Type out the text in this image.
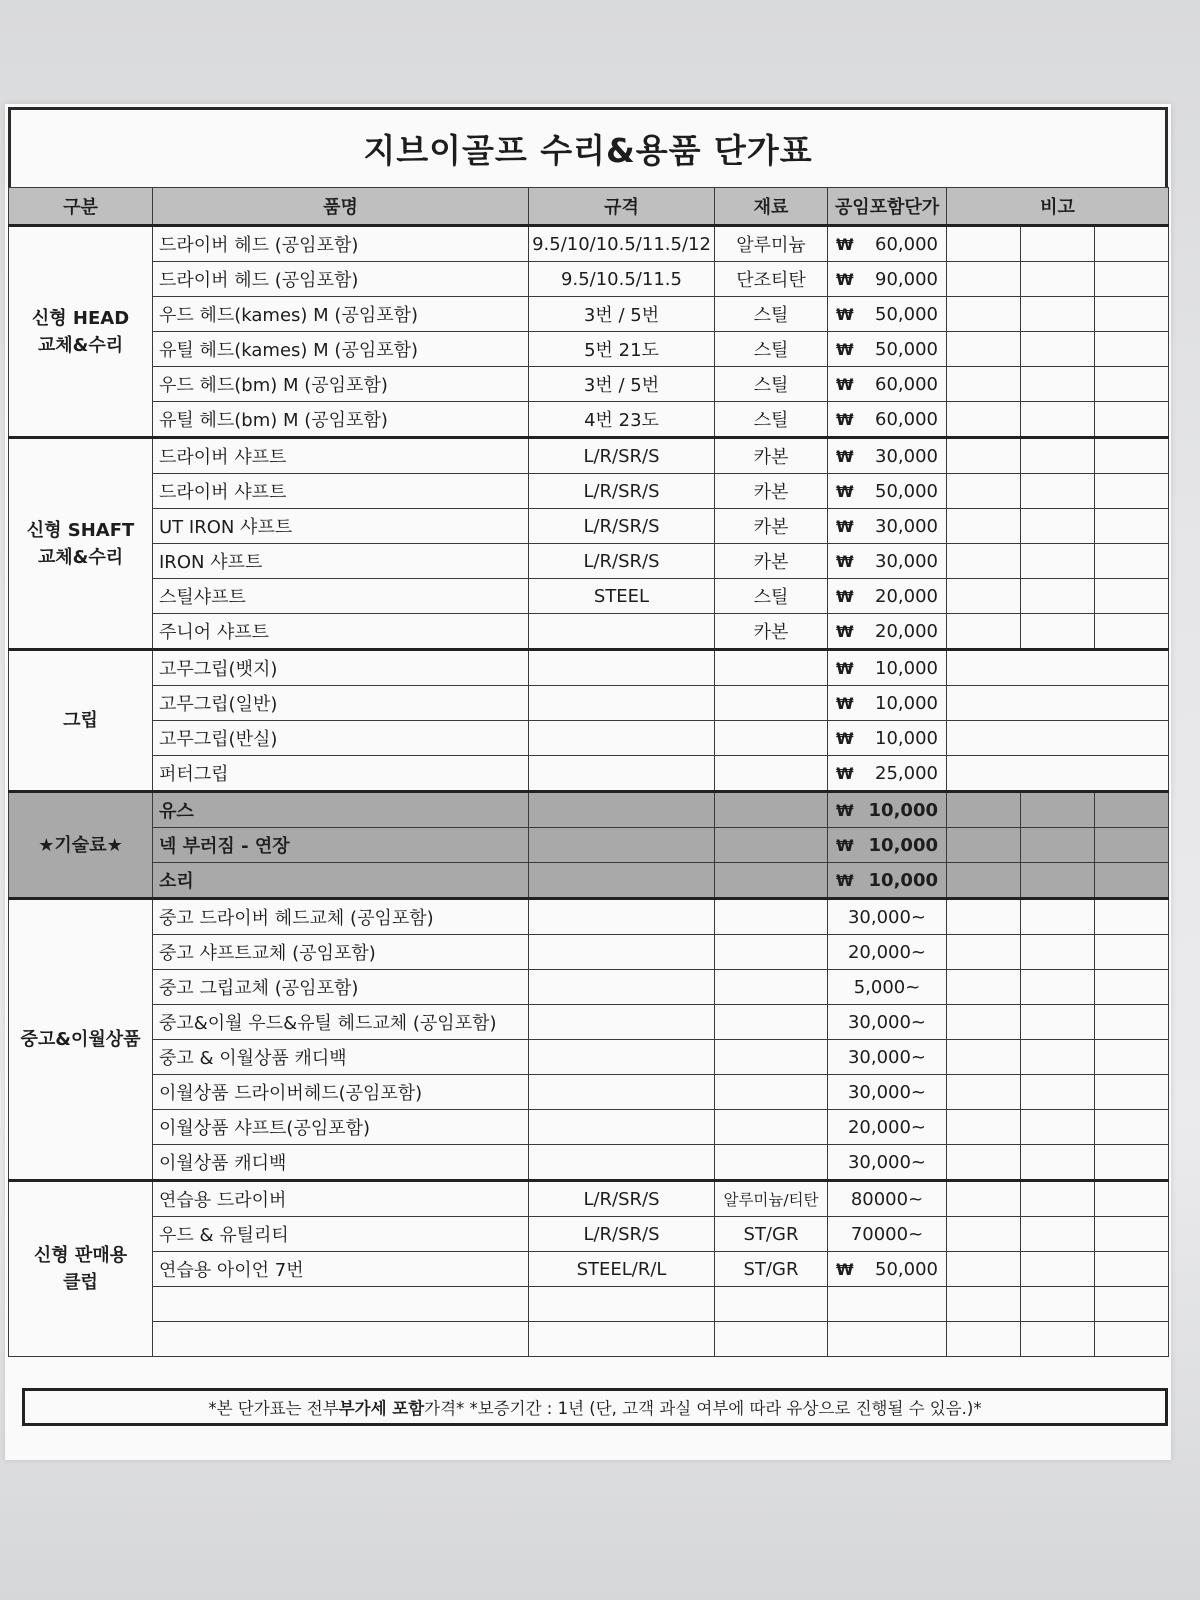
지브이골프 수리&용품 단가표
구분	품명	규격	재료	공임포함단가	비고		
신형 HEAD
교체&수리	드라이버 헤드 (공임포함)	9.5/10/10.5/11.5/12	알루미늄	₩ 60,000			

	드라이버 헤드 (공임포함)	9.5/10.5/11.5	단조티탄	₩ 90,000			

	우드 헤드(kames) M (공임포함)	3번 / 5번	스틸	₩ 50,000			

	유틸 헤드(kames) M (공임포함)	5번 21도	스틸	₩ 50,000			

	우드 헤드(bm) M (공임포함)	3번 / 5번	스틸	₩ 60,000			

	유틸 헤드(bm) M (공임포함)	4번 23도	스틸	₩ 60,000			

신형 SHAFT
교체&수리	드라이버 샤프트	L/R/SR/S	카본	₩ 30,000			

	드라이버 샤프트	L/R/SR/S	카본	₩ 50,000			

	UT IRON 샤프트	L/R/SR/S	카본	₩ 30,000			

	IRON 샤프트	L/R/SR/S	카본	₩ 30,000			

	스틸샤프트	STEEL	스틸	₩ 20,000			

	주니어 샤프트		카본	₩ 20,000			

그립	고무그립(뱃지)			₩ 10,000			

	고무그립(일반)			₩ 10,000			

	고무그립(반실)			₩ 10,000			

	퍼터그립			₩ 25,000			

★기술료★	유스			₩ 10,000			

	넥 부러짐 - 연장			₩ 10,000			

	소리			₩ 10,000			

중고&이월상품	중고 드라이버 헤드교체 (공임포함)			30,000~			
	중고 샤프트교체 (공임포함)			20,000~			
	중고 그립교체 (공임포함)			5,000~			
	중고&이월 우드&유틸 헤드교체 (공임포함)			30,000~			
	중고 & 이월상품 캐디백			30,000~			
	이월상품 드라이버헤드(공임포함)			30,000~			
	이월상품 샤프트(공임포함)			20,000~			
	이월상품 캐디백			30,000~			
신형 판매용
클럽	연습용 드라이버	L/R/SR/S	알루미늄/티탄	80000~			
	우드 & 유틸리티	L/R/SR/S	ST/GR	70000~			
	연습용 아이언 7번	STEEL/R/L	ST/GR	₩ 50,000			

*본 단가표는 전부 부가세 포함 가격* *보증기간 : 1년 (단, 고객 과실 여부에 따라 유상으로 진행될 수 있음.)*
